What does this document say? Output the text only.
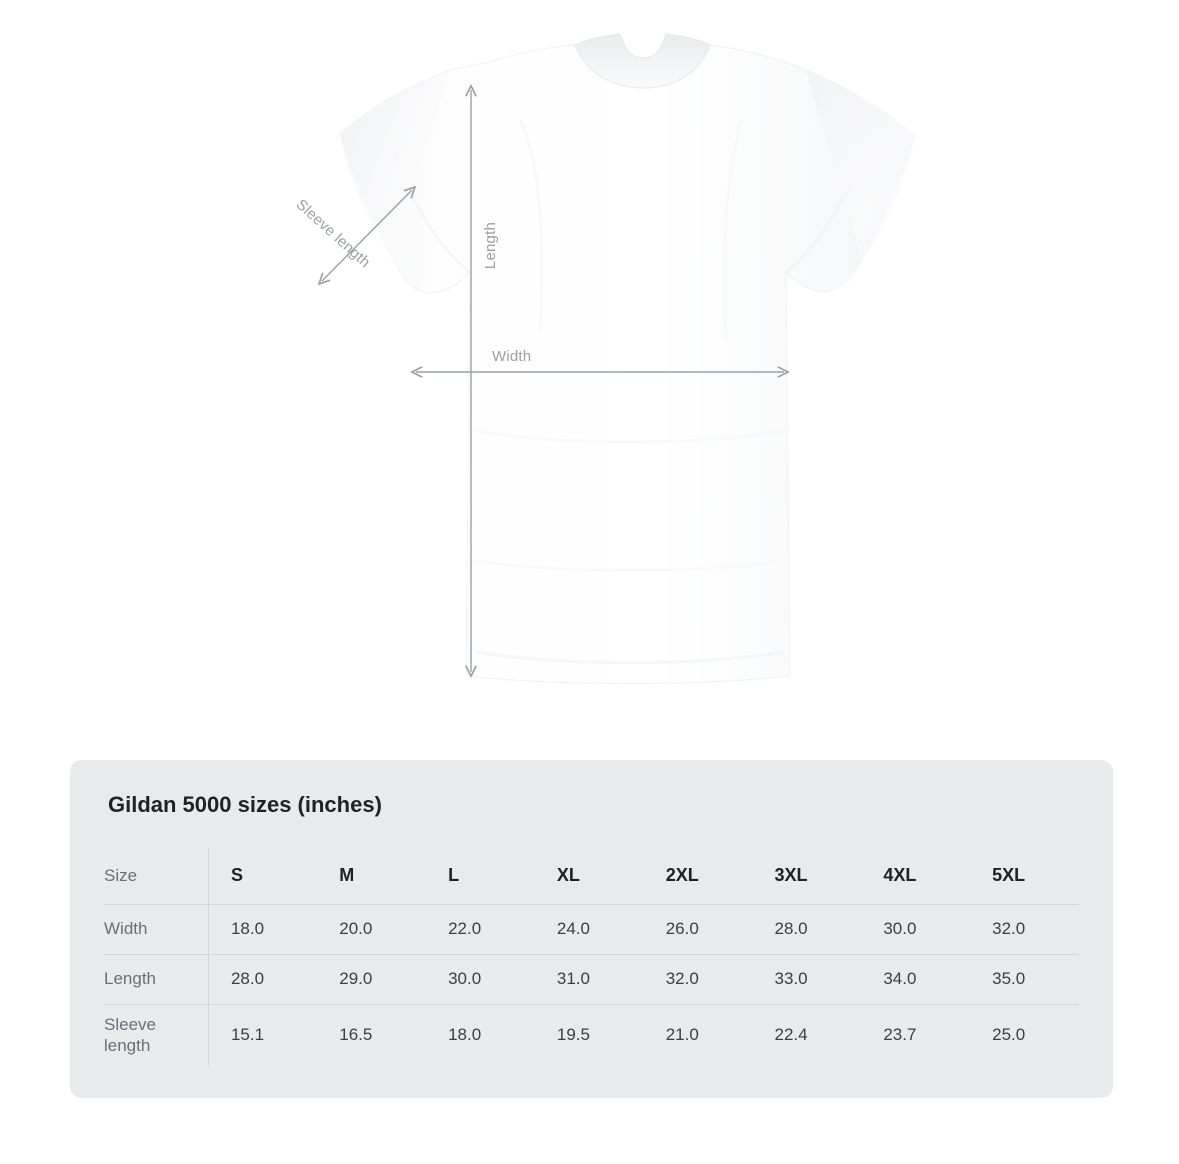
Length
Width
Sleeve length
Gildan 5000 sizes (inches)
Size	S	M	L	XL	2XL	3XL	4XL	5XL
Width	18.0	20.0	22.0	24.0	26.0	28.0	30.0	32.0
Length	28.0	29.0	30.0	31.0	32.0	33.0	34.0	35.0

Sleeve length	15.1	16.5	18.0	19.5	21.0	22.4	23.7	25.0
